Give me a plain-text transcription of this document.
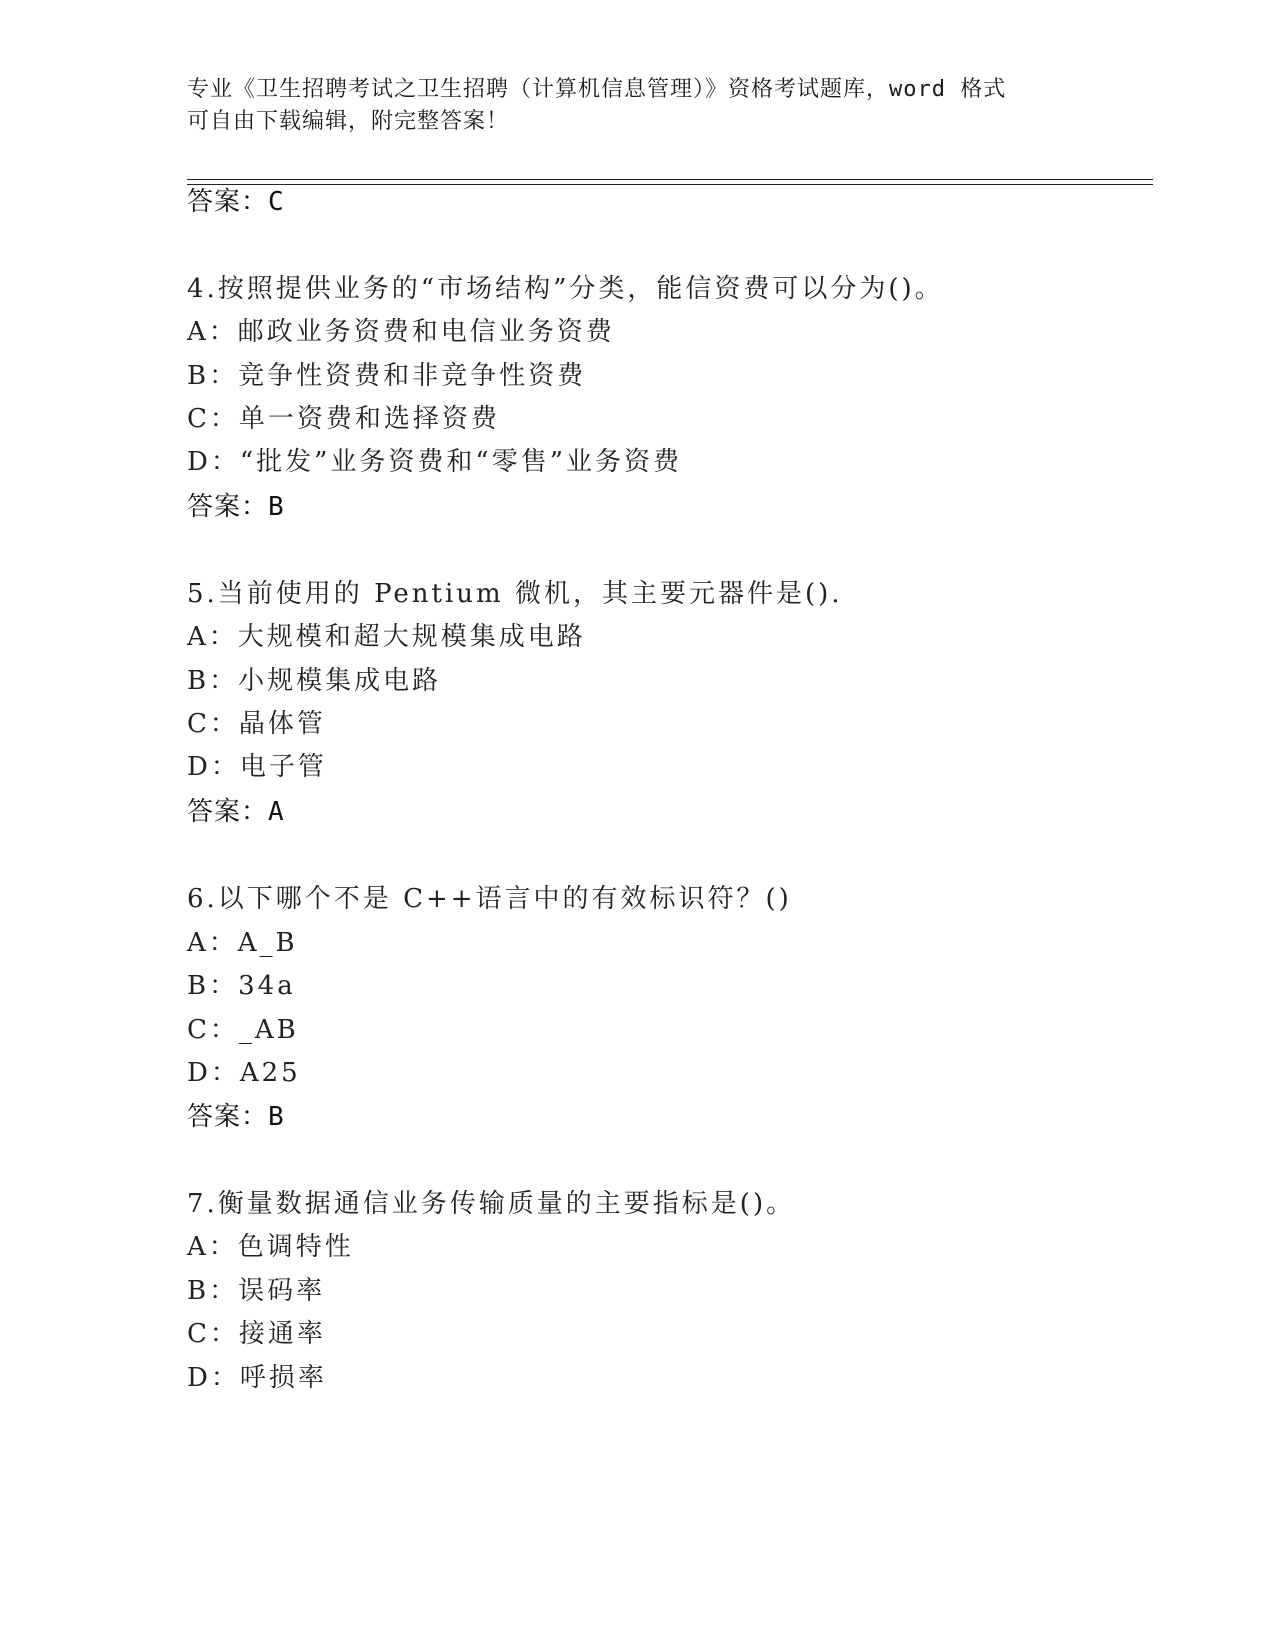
专业《卫生招聘考试之卫生招聘（计算机信息管理）》资格考试题库，word 格式
可自由下载编辑，附完整答案！
答案：C
4.按照提供业务的“市场结构”分类，能信资费可以分为()。
A：邮政业务资费和电信业务资费
B：竞争性资费和非竞争性资费
C：单一资费和选择资费
D：“批发”业务资费和“零售”业务资费
答案：B
5.当前使用的 Pentium 微机，其主要元器件是().
A：大规模和超大规模集成电路
B：小规模集成电路
C：晶体管
D：电子管
答案：A
6.以下哪个不是 C++语言中的有效标识符？()
A：A_B
B：34a
C：_AB
D：A25
答案：B
7.衡量数据通信业务传输质量的主要指标是()。
A：色调特性
B：误码率
C：接通率
D：呼损率
